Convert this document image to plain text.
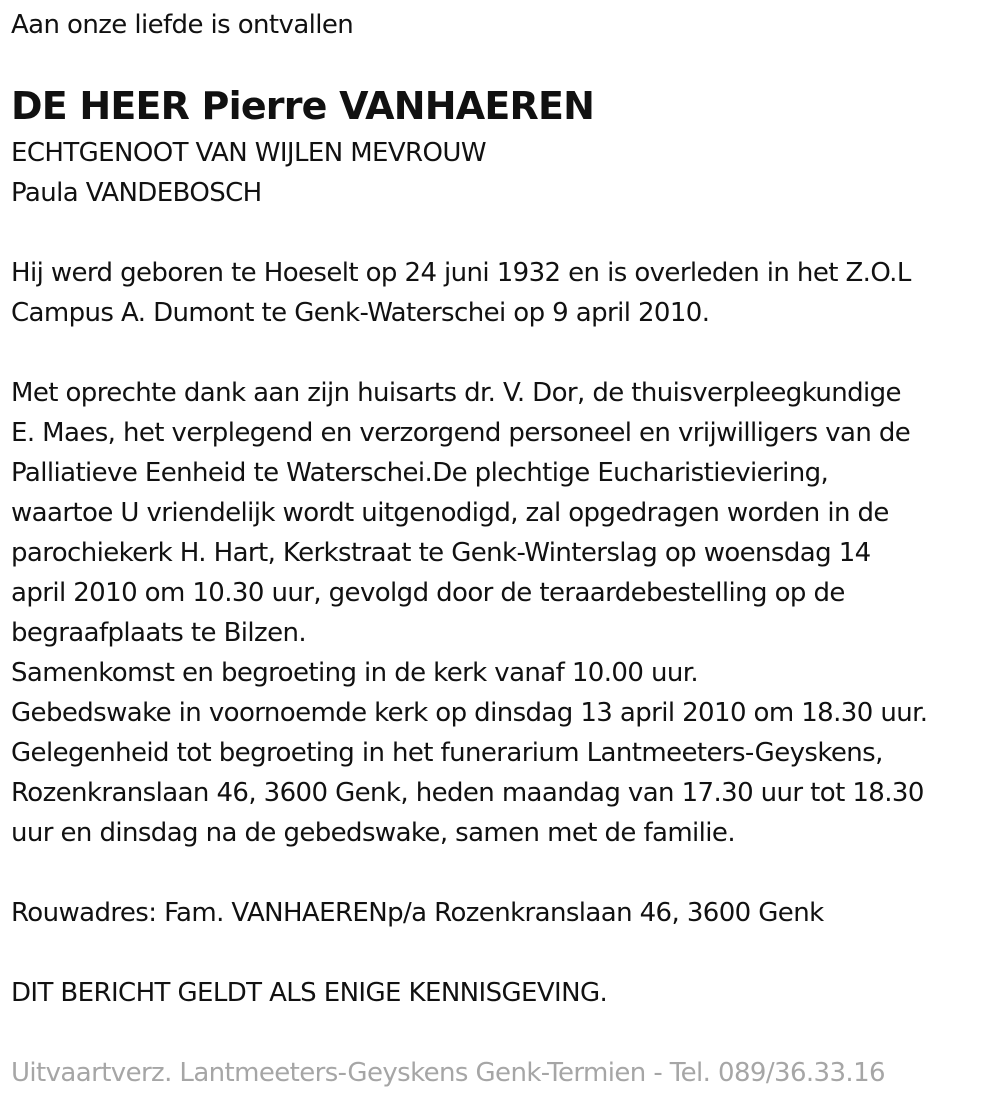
Aan onze liefde is ontvallen
DE HEER Pierre VANHAEREN
ECHTGENOOT VAN WIJLEN MEVROUW
Paula VANDEBOSCH
Hij werd geboren te Hoeselt op 24 juni 1932 en is overleden in het Z.O.L
Campus A. Dumont te Genk-Waterschei op 9 april 2010.
Met oprechte dank aan zijn huisarts dr. V. Dor, de thuisverpleegkundige
E. Maes, het verplegend en verzorgend personeel en vrijwilligers van de
Palliatieve Eenheid te Waterschei.De plechtige Eucharistieviering,
waartoe U vriendelijk wordt uitgenodigd, zal opgedragen worden in de
parochiekerk H. Hart, Kerkstraat te Genk-Winterslag op woensdag 14
april 2010 om 10.30 uur, gevolgd door de teraardebestelling op de
begraafplaats te Bilzen.
Samenkomst en begroeting in de kerk vanaf 10.00 uur.
Gebedswake in voornoemde kerk op dinsdag 13 april 2010 om 18.30 uur.
Gelegenheid tot begroeting in het funerarium Lantmeeters-Geyskens,
Rozenkranslaan 46, 3600 Genk, heden maandag van 17.30 uur tot 18.30
uur en dinsdag na de gebedswake, samen met de familie.
Rouwadres: Fam. VANHAERENp/a Rozenkranslaan 46, 3600 Genk
DIT BERICHT GELDT ALS ENIGE KENNISGEVING.
Uitvaartverz. Lantmeeters-Geyskens Genk-Termien - Tel. 089/36.33.16
